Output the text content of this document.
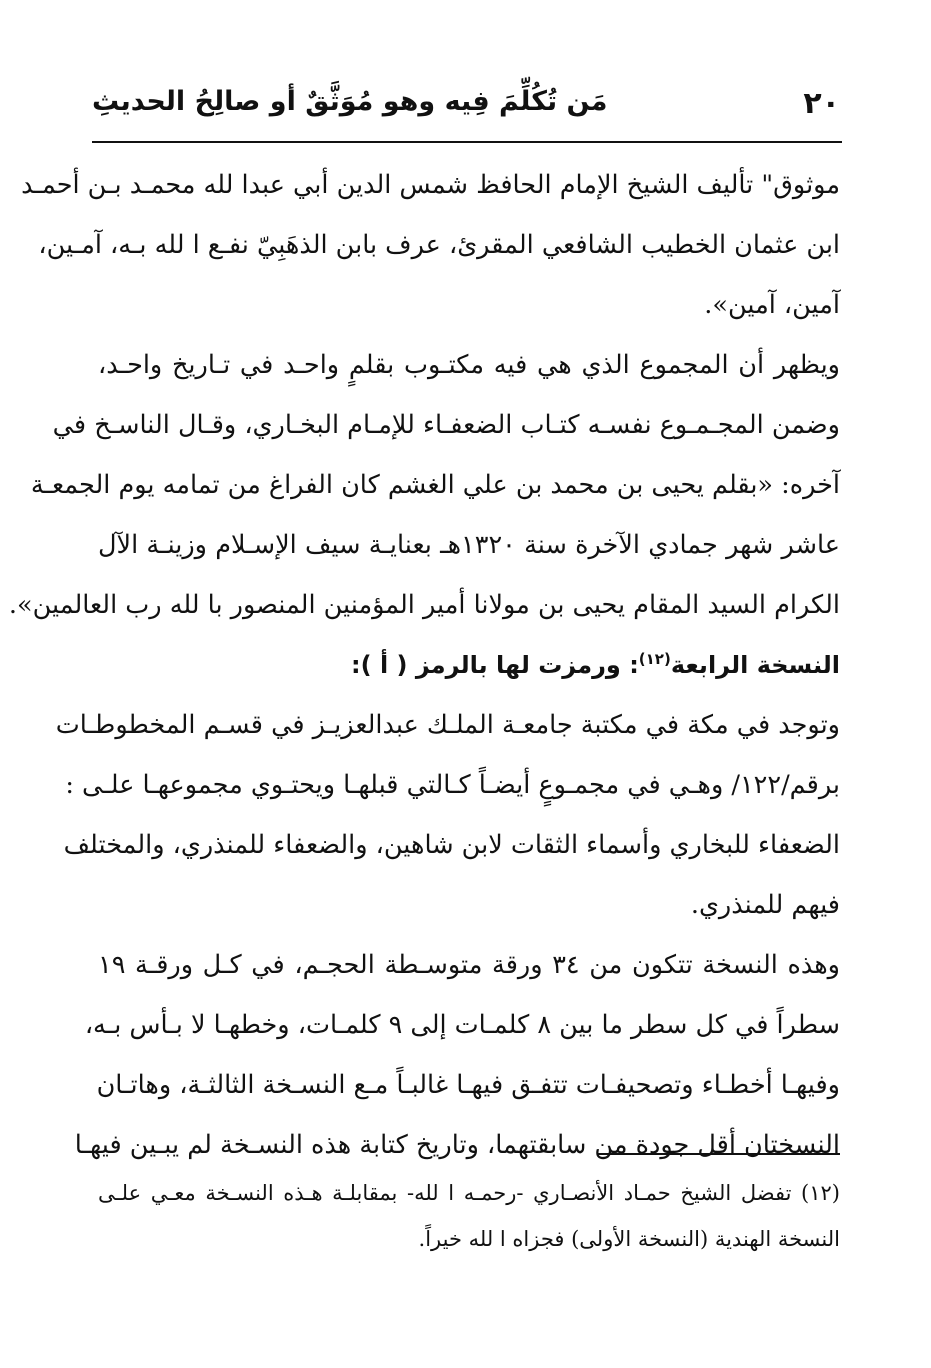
٢٠
مَن تُكُلِّمَ فِيه وهو مُوَثَّقٌ أو صالِحُ الحديثِ
موثوق" تأليف الشيخ الإمام الحافظ شمس الدين أبي عبدا لله محمـد بـن أحمـد
ابن عثمان الخطيب الشافعي المقرئ، عرف بابن الذهَبِيّ نفـع ا لله بـه، آمـين،
آمين، آمين».
ويظهر أن المجموع الذي هي فيه مكتـوب بقلمٍ واحـد في تـاريخ واحـد،
وضمن المجـمـوع نفسـه كتـاب الضعفـاء للإمـام البخـاري، وقـال الناسـخ في
آخره: «بقلم يحيى بن محمد بن علي الغشم كان الفراغ من تمامه يوم الجمعـة
عاشر شهر جمادي الآخرة سنة ١٣٢٠هـ بعنايـة سيف الإسـلام وزينـة الآل
الكرام السيد المقام يحيى بن مولانا أمير المؤمنين المنصور با لله رب العالمين».
النسخة الرابعة$^{(١٢)}$: ورمزت لها بالرمز ( أ ):
وتوجد في مكة في مكتبة جامعـة الملـك عبدالعزيـز في قسـم المخطوطـات
برقم/١٢٢/ وهـي في مجمـوعٍ أيضـاً كـالتي قبلهـا ويحتـوي مجموعهـا علـى :
الضعفاء للبخاري وأسماء الثقات لابن شاهين، والضعفاء للمنذري، والمختلف
فيهم للمنذري.
وهذه النسخة تتكون من ٣٤ ورقة متوسـطة الحجـم، في كـل ورقـة ١٩
سطراً في كل سطر ما بين ٨ كلمـات إلى ٩ كلمـات، وخطهـا لا بـأس بـه،
وفيهـا أخطـاء وتصحيفـات تتفـق فيهـا غالبـاً مـع النسـخة الثالثـة، وهاتـان
النسختان أقل جودة من سابقتهما، وتاريخ كتابة هذه النسـخة لم يبـين فيهـا
(١٢) تفضل الشيخ حمـاد الأنصـاري -رحمـه ا لله- بمقابلـة هـذه النسـخة معـي علـى
النسخة الهندية (النسخة الأولى) فجزاه ا لله خيراً.
